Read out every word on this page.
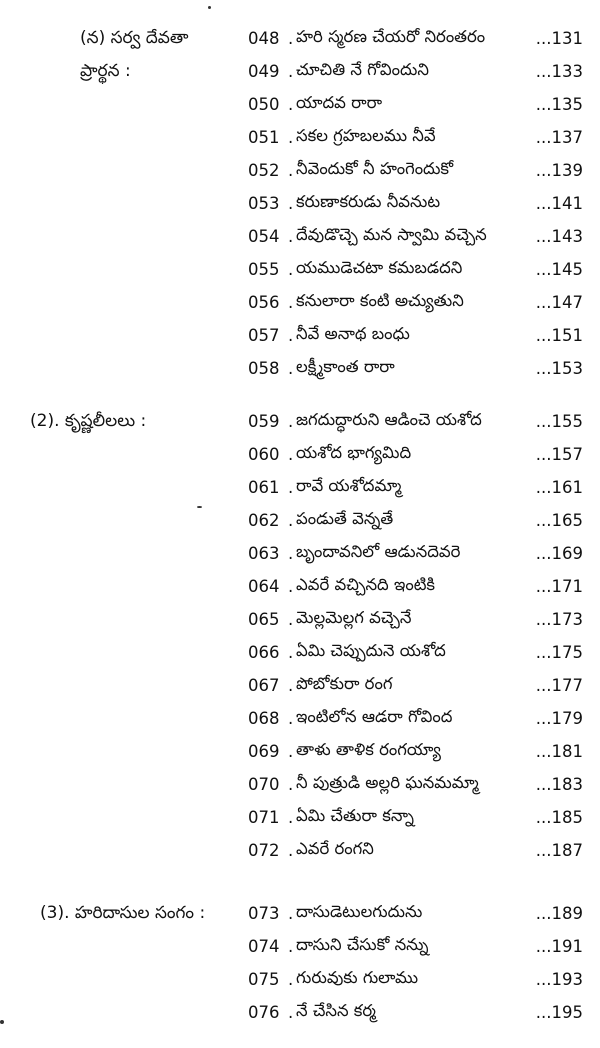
(న) సర్వ దేవతా
ప్రార్థన :
048 . హరి స్మరణ చేయరో నిరంతరం	...131
049 . చూచితి నే గోవిందుని	...133
050 . యాదవ రారా	...135
051 . సకల గ్రహబలము నీవే	...137
052 . నీవెందుకో నీ హంగెందుకో	...139
053 . కరుణాకరుడు నీవనుట	...141
054 . దేవుడొచ్చె మన స్వామి వచ్చెన	...143
055 . యముడెచటా కమబడదని	...145
056 . కనులారా కంటి అచ్యుతుని	...147
057 . నీవే అనాథ బంధు	...151
058 . లక్ష్మీకాంత రారా	...153
(2). కృష్ణలీలలు :	059 . జగదుద్ధారుని ఆడించె యశోద	...155
060 . యశోద భాగ్యమిది	...157
061 . రావే యశోదమ్మా	...161
062 . పండుతే వెన్నతే	...165
063 . బృందావనిలో ఆడునదెవరె	...169
064 . ఎవరే వచ్చినది ఇంటికి	...171
065 . మెల్లమెల్లగ వచ్చెనే	...173
066 . ఏమి చెప్పుదునె యశోద	...175
067 . పోబోకురా రంగ	...177
068 . ఇంటిలోన ఆడరా గోవింద	...179
069 . తాళు తాళిక రంగయ్యా	...181
070 . నీ పుత్రుడి అల్లరి ఘనమమ్మా	...183
071 . ఏమి చేతురా కన్నా	...185
072 . ఎవరే రంగని	...187
(3). హరిదాసుల సంగం :	073 . దాసుడెటులగుదును	...189
074 . దాసుని చేసుకో నన్ను	...191
075 . గురువుకు గులాము	...193
076 . నే చేసిన కర్మ	...195
